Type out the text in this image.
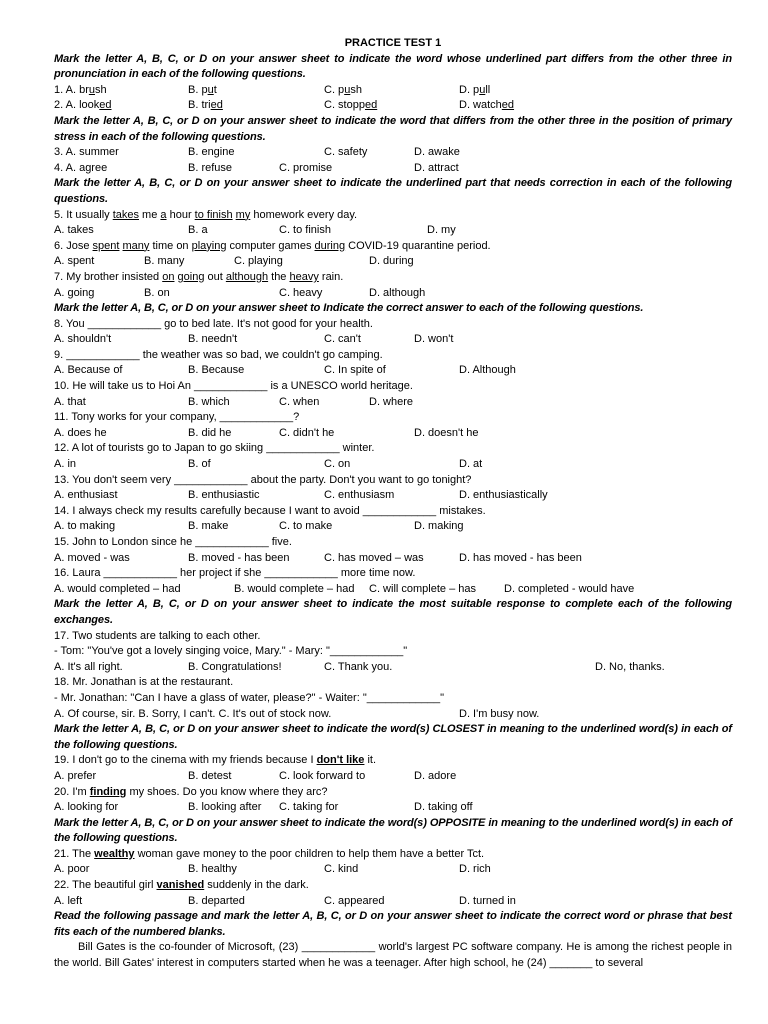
PRACTICE TEST 1
Mark the letter A, B, C, or D on your answer sheet to indicate the word whose underlined part differs from the other three in pronunciation in each of the following questions.
1. A. brush	B. put	C. push	D. pull
2. A. looked	B. tried	C. stopped	D. watched
Mark the letter A, B, C, or D on your answer sheet to indicate the word that differs from the other three in the position of primary stress in each of the following questions.
3. A. summer	B. engine	C. safety	D. awake
4. A. agree	B. refuse	C. promise	D. attract
Mark the letter A, B, C, or D on your answer sheet to indicate the underlined part that needs correction in each of the following questions.
5. It usually takes me a hour to finish my homework every day.
A. takes	B. a	C. to finish	D. my
6. Jose spent many time on playing computer games during COVID-19 quarantine period.
A. spent	B. many	C. playing	D. during
7. My brother insisted on going out although the heavy rain.
A. going	B. on	C. heavy	D. although
Mark the letter A, B, C, or D on your answer sheet to Indicate the correct answer to each of the following questions.
8. You ____________ go to bed late. It's not good for your health.
A. shouldn't	B. needn't	C. can't	D. won't
9. ____________ the weather was so bad, we couldn't go camping.
A. Because of	B. Because	C. In spite of	D. Although
10. He will take us to Hoi An ____________ is a UNESCO world heritage.
A. that	B. which	C. when	D. where
11. Tony works for your company, ____________?
A. does he	B. did he	C. didn't he	D. doesn't he
12. A lot of tourists go to Japan to go skiing ____________ winter.
A. in	B. of	C. on	D. at
13. You don't seem very ____________ about the party. Don't you want to go tonight?
A. enthusiast	B. enthusiastic	C. enthusiasm	D. enthusiastically
14. I always check my results carefully because I want to avoid ____________ mistakes.
A. to making	B. make	C. to make	D. making
15. John to London since he ____________ five.
A. moved - was	B. moved - has been	C. has moved – was	D. has moved - has been
16. Laura ____________ her project if she ____________ more time now.
A. would completed – had	B. would complete – had C. will complete – has	D. completed - would have
Mark the letter A, B, C, or D on your answer sheet to indicate the most suitable response to complete each of the following exchanges.
17. Two students are talking to each other.
- Tom: "You've got a lovely singing voice, Mary." - Mary: "____________"
A. It's all right.	B. Congratulations!	C. Thank you.	D. No, thanks.
18. Mr. Jonathan is at the restaurant.
- Mr. Jonathan: "Can I have a glass of water, please?" - Waiter: "____________"
A. Of course, sir. B. Sorry, I can't. C. It's out of stock now.	D. I'm busy now.
Mark the letter A, B, C, or D on your answer sheet to indicate the word(s) CLOSEST in meaning to the underlined word(s) in each of the following questions.
19. I don't go to the cinema with my friends because I don't like it.
A. prefer	B. detest	C. look forward to	D. adore
20. I'm finding my shoes. Do you know where they arc?
A. looking for	B. looking after C. taking for	D. taking off
Mark the letter A, B, C, or D on your answer sheet to indicate the word(s) OPPOSITE in meaning to the underlined word(s) in each of the following questions.
21. The wealthy woman gave money to the poor children to help them have a better Tct.
A. poor	B. healthy	C. kind	D. rich
22. The beautiful girl vanished suddenly in the dark.
A. left	B. departed	C. appeared	D. turned in
Read the following passage and mark the letter A, B, C, or D on your answer sheet to indicate the correct word or phrase that best fits each of the numbered blanks.
Bill Gates is the co-founder of Microsoft, (23) ____________ world's largest PC software company. He is among the richest people in the world. Bill Gates' interest in computers started when he was a teenager. After high school, he (24) _______ to several
